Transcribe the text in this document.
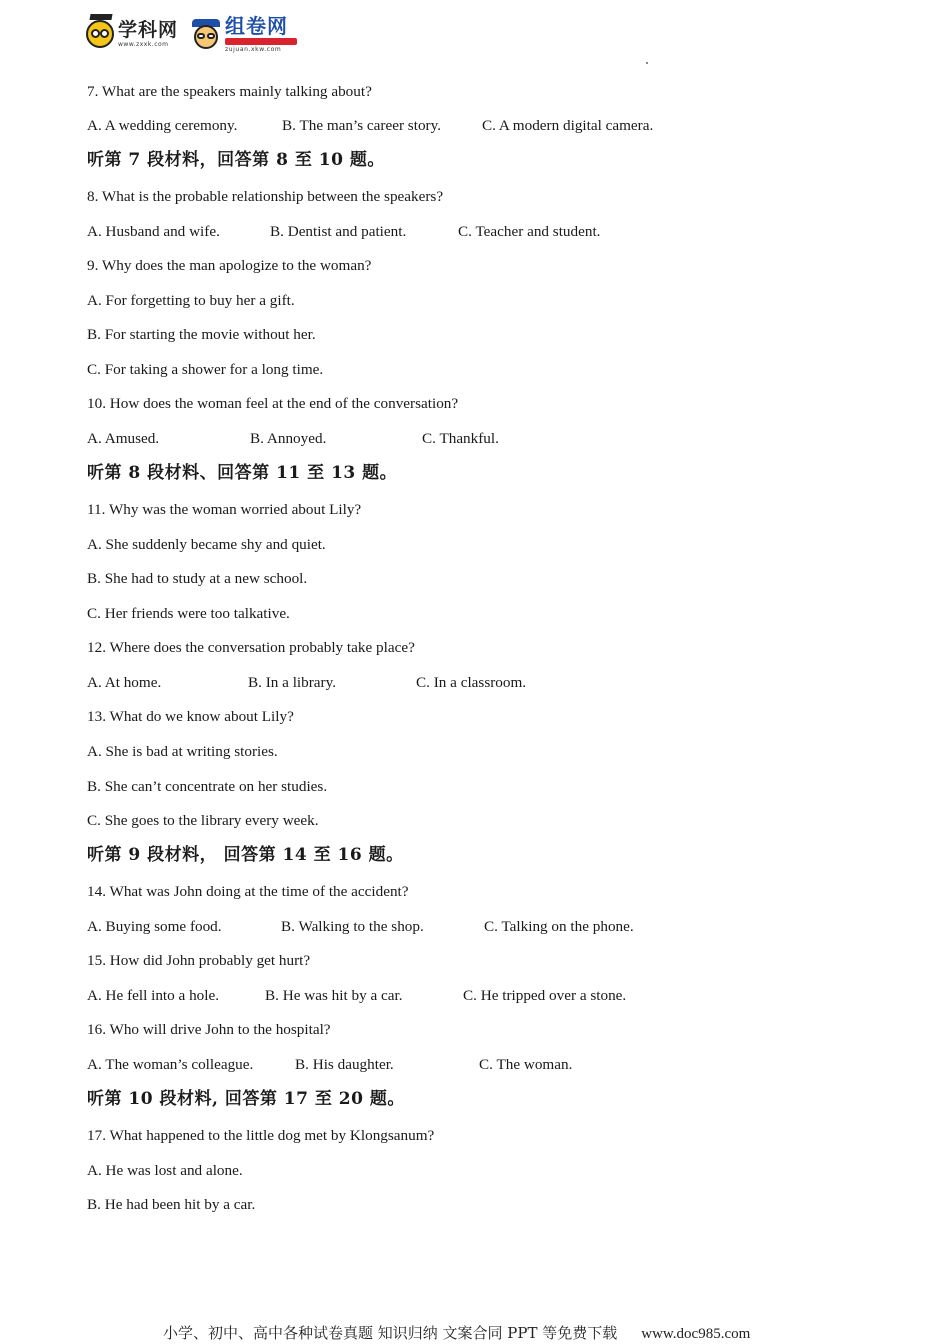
学科网
www.zxxk.com
组卷网
zujuan.xkw.com
7. What are the speakers mainly talking about?
A. A wedding ceremony.	B. The man’s career story.	C. A modern digital camera.
听第 7 段材料，回答第 8 至 10 题。
8. What is the probable relationship between the speakers?
A. Husband and wife.	B. Dentist and patient.	C. Teacher and student.
9. Why does the man apologize to the woman?
A. For forgetting to buy her a gift.
B. For starting the movie without her.
C. For taking a shower for a long time.
10. How does the woman feel at the end of the conversation?
A. Amused.	B. Annoyed.	C. Thankful.
听第 8 段材料、回答第 11 至 13 题。
11. Why was the woman worried about Lily?
A. She suddenly became shy and quiet.
B. She had to study at a new school.
C. Her friends were too talkative.
12. Where does the conversation probably take place?
A. At home.	B. In a library.	C. In a classroom.
13. What do we know about Lily?
A. She is bad at writing stories.
B. She can’t concentrate on her studies.
C. She goes to the library every week.
听第 9 段材料， 回答第 14 至 16 题。
14. What was John doing at the time of the accident?
A. Buying some food.	B. Walking to the shop.	C. Talking on the phone.
15. How did John probably get hurt?
A. He fell into a hole.	B. He was hit by a car.	C. He tripped over a stone.
16. Who will drive John to the hospital?
A. The woman’s colleague.	B. His daughter.	C. The woman.
听第 10 段材料, 回答第 17 至 20 题。
17. What happened to the little dog met by Klongsanum?
A. He was lost and alone.
B. He had been hit by a car.
小学、初中、高中各种试卷真题 知识归纳 文案合同 PPT 等免费下载 www.doc985.com
